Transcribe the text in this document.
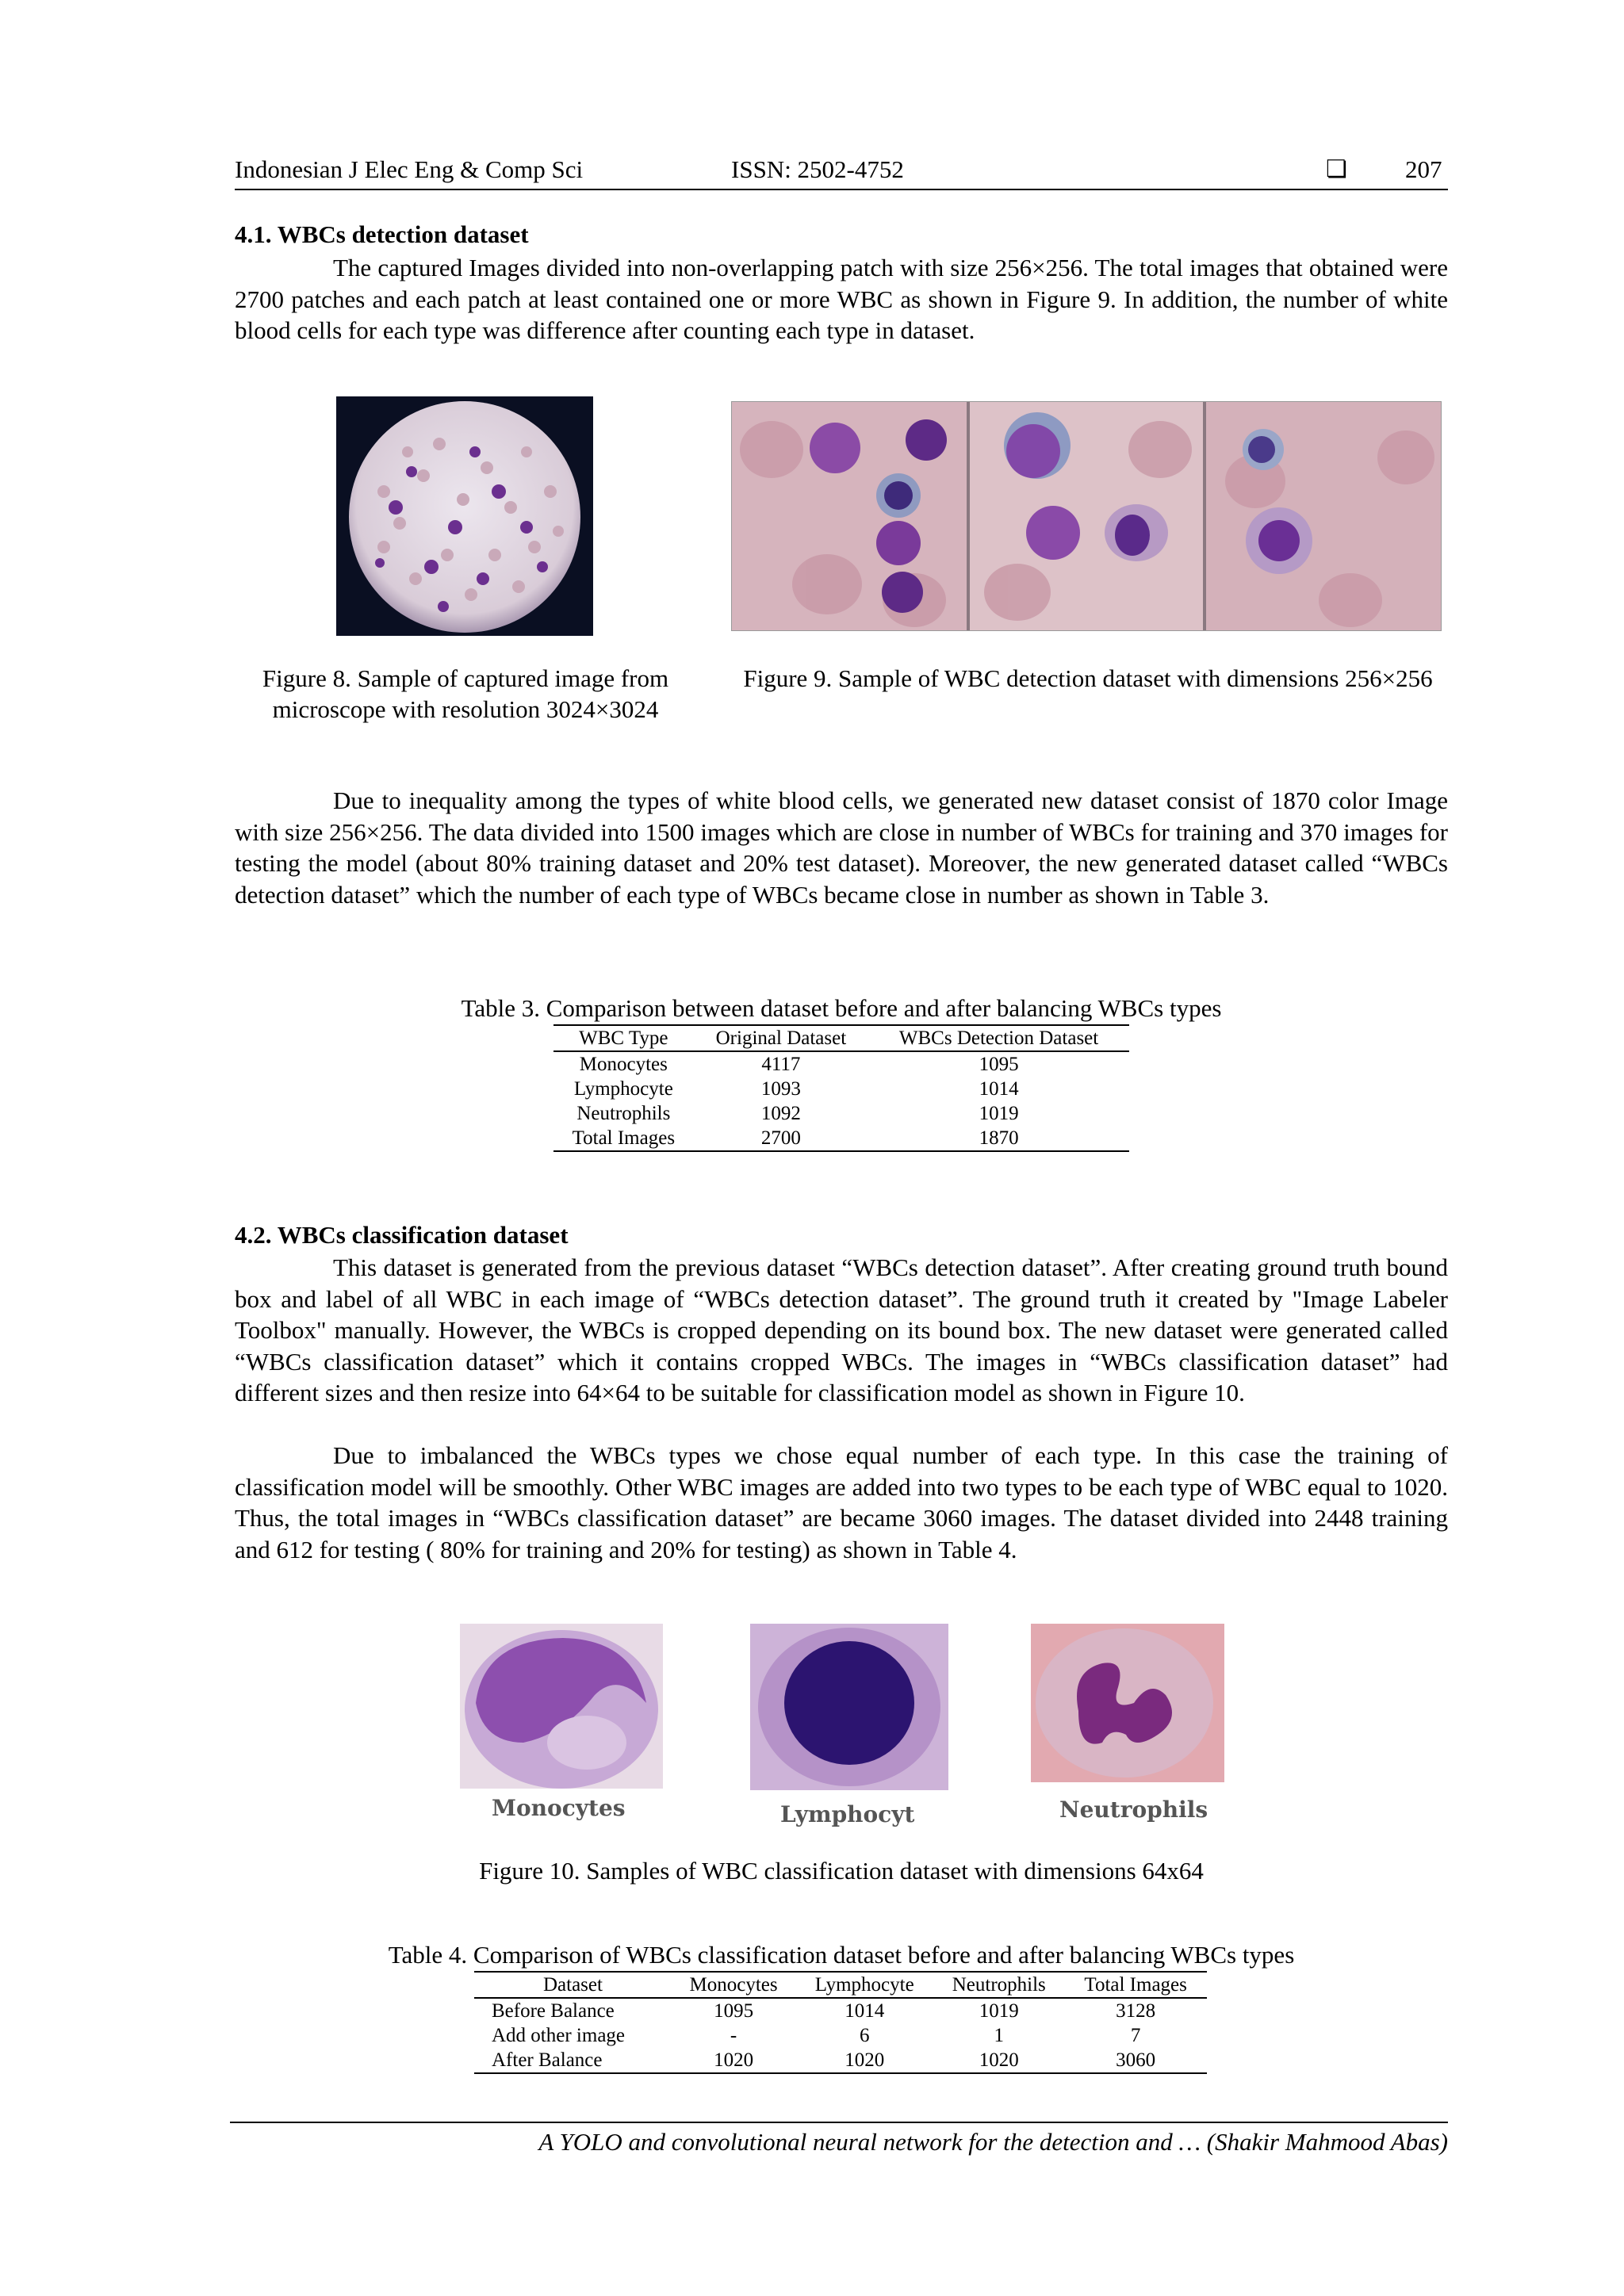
Indonesian J Elec Eng & Comp Sci	ISSN: 2502-4752	❏ 207
4.1. WBCs detection dataset
The captured Images divided into non-overlapping patch with size 256×256. The total images that obtained were 2700 patches and each patch at least contained one or more WBC as shown in Figure 9. In addition, the number of white blood cells for each type was difference after counting each type in dataset.
Figure 8. Sample of captured image from microscope with resolution 3024×3024
Figure 9. Sample of WBC detection dataset with dimensions 256×256
Due to inequality among the types of white blood cells, we generated new dataset consist of 1870 color Image with size 256×256. The data divided into 1500 images which are close in number of WBCs for training and 370 images for testing the model (about 80% training dataset and 20% test dataset). Moreover, the new generated dataset called “WBCs detection dataset” which the number of each type of WBCs became close in number as shown in Table 3.
Table 3. Comparison between dataset before and after balancing WBCs types
WBC Type	Original Dataset	WBCs Detection Dataset
Monocytes	4117	1095
Lymphocyte	1093	1014
Neutrophils	1092	1019
Total Images	2700	1870
4.2. WBCs classification dataset
This dataset is generated from the previous dataset “WBCs detection dataset”. After creating ground truth bound box and label of all WBC in each image of “WBCs detection dataset”. The ground truth it created by "Image Labeler Toolbox" manually. However, the WBCs is cropped depending on its bound box. The new dataset were generated called “WBCs classification dataset” which it contains cropped WBCs. The images in “WBCs classification dataset” had different sizes and then resize into 64×64 to be suitable for classification model as shown in Figure 10.
Due to imbalanced the WBCs types we chose equal number of each type. In this case the training of classification model will be smoothly. Other WBC images are added into two types to be each type of WBC equal to 1020. Thus, the total images in “WBCs classification dataset” are became 3060 images. The dataset divided into 2448 training and 612 for testing ( 80% for training and 20% for testing) as shown in Table 4.
Monocytes	Lymphocyt	Neutrophils
Figure 10. Samples of WBC classification dataset with dimensions 64x64
Table 4. Comparison of WBCs classification dataset before and after balancing WBCs types
Dataset	Monocytes	Lymphocyte	Neutrophils	Total Images
Before Balance	1095	1014	1019	3128
Add other image	-	6	1	7
After Balance	1020	1020	1020	3060
A YOLO and convolutional neural network for the detection and … (Shakir Mahmood Abas)
